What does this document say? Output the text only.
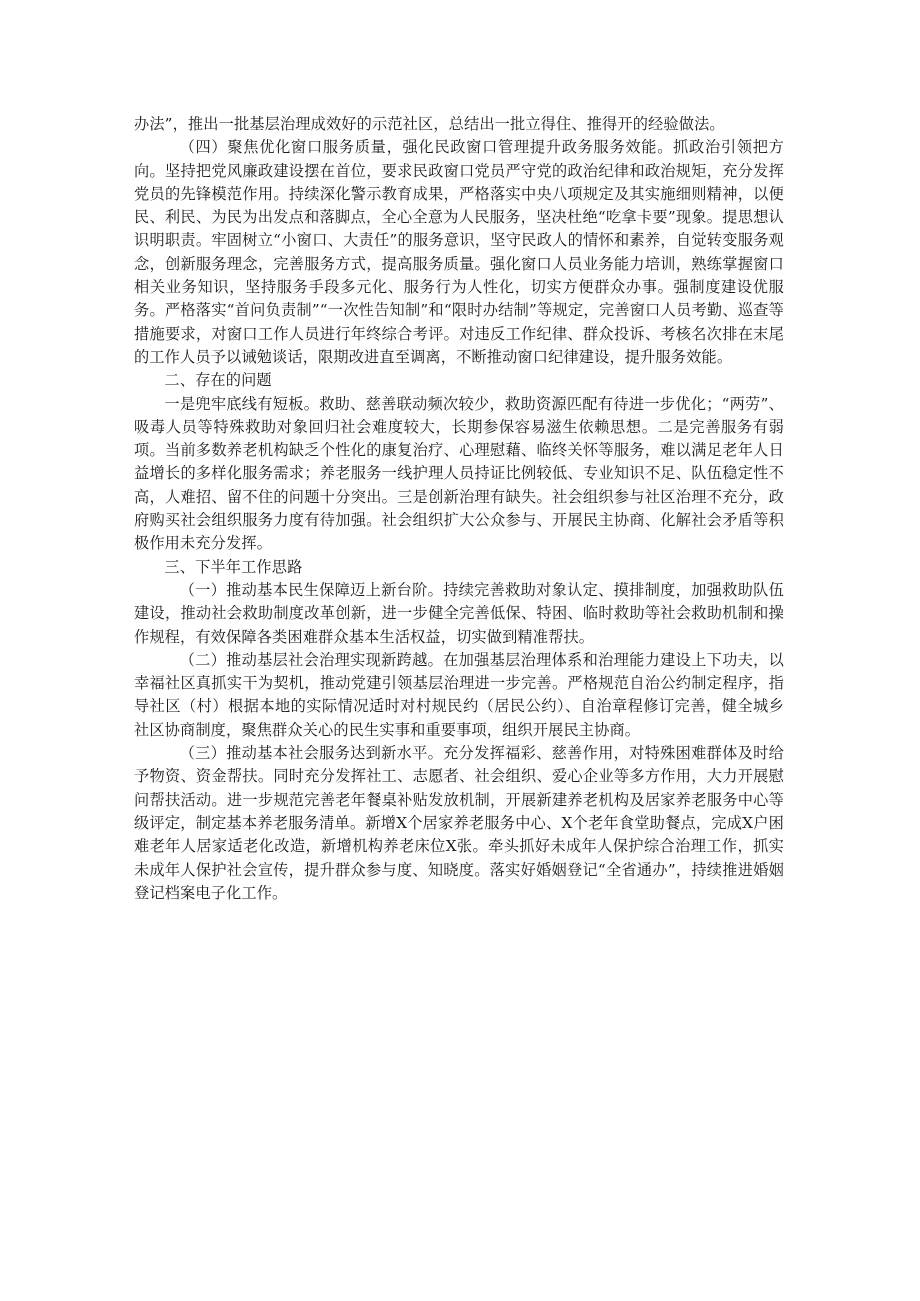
办法”，推出一批基层治理成效好的示范社区，总结出一批立得住、推得开的经验做法。

（四）聚焦优化窗口服务质量，强化民政窗口管理提升政务服务效能。抓政治引领把方向。坚持把党风廉政建设摆在首位，要求民政窗口党员严守党的政治纪律和政治规矩，充分发挥党员的先锋模范作用。持续深化警示教育成果，严格落实中央八项规定及其实施细则精神，以便民、利民、为民为出发点和落脚点，全心全意为人民服务，坚决杜绝“吃拿卡要”现象。提思想认识明职责。牢固树立“小窗口、大责任”的服务意识，坚守民政人的情怀和素养，自觉转变服务观念，创新服务理念，完善服务方式，提高服务质量。强化窗口人员业务能力培训，熟练掌握窗口相关业务知识，坚持服务手段多元化、服务行为人性化，切实方便群众办事。强制度建设优服务。严格落实“首问负责制”“一次性告知制”和“限时办结制”等规定，完善窗口人员考勤、巡查等措施要求，对窗口工作人员进行年终综合考评。对违反工作纪律、群众投诉、考核名次排在末尾的工作人员予以诫勉谈话，限期改进直至调离，不断推动窗口纪律建设，提升服务效能。

二、存在的问题

一是兜牢底线有短板。救助、慈善联动频次较少，救助资源匹配有待进一步优化；“两劳”、吸毒人员等特殊救助对象回归社会难度较大，长期参保容易滋生依赖思想。二是完善服务有弱项。当前多数养老机构缺乏个性化的康复治疗、心理慰藉、临终关怀等服务，难以满足老年人日益增长的多样化服务需求；养老服务一线护理人员持证比例较低、专业知识不足、队伍稳定性不高，人难招、留不住的问题十分突出。三是创新治理有缺失。社会组织参与社区治理不充分，政府购买社会组织服务力度有待加强。社会组织扩大公众参与、开展民主协商、化解社会矛盾等积极作用未充分发挥。

三、下半年工作思路

（一）推动基本民生保障迈上新台阶。持续完善救助对象认定、摸排制度，加强救助队伍建设，推动社会救助制度改革创新，进一步健全完善低保、特困、临时救助等社会救助机制和操作规程，有效保障各类困难群众基本生活权益，切实做到精准帮扶。

（二）推动基层社会治理实现新跨越。在加强基层治理体系和治理能力建设上下功夫，以幸福社区真抓实干为契机，推动党建引领基层治理进一步完善。严格规范自治公约制定程序，指导社区（村）根据本地的实际情况适时对村规民约（居民公约）、自治章程修订完善，健全城乡社区协商制度，聚焦群众关心的民生实事和重要事项，组织开展民主协商。

（三）推动基本社会服务达到新水平。充分发挥福彩、慈善作用，对特殊困难群体及时给予物资、资金帮扶。同时充分发挥社工、志愿者、社会组织、爱心企业等多方作用，大力开展慰问帮扶活动。进一步规范完善老年餐桌补贴发放机制，开展新建养老机构及居家养老服务中心等级评定，制定基本养老服务清单。新增X个居家养老服务中心、X个老年食堂助餐点，完成X户困难老年人居家适老化改造，新增机构养老床位X张。牵头抓好未成年人保护综合治理工作，抓实未成年人保护社会宣传，提升群众参与度、知晓度。落实好婚姻登记“全省通办”，持续推进婚姻登记档案电子化工作。
